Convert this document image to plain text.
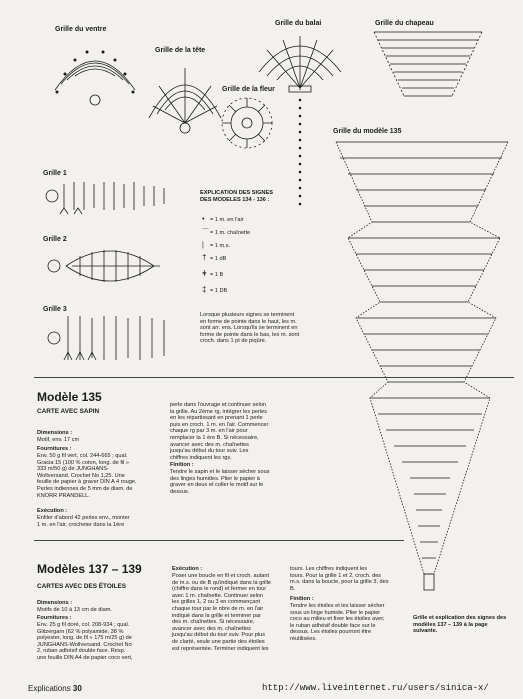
Grille du ventre
Grille de la tête
Grille du balai
Grille de la fleur
Grille 1
Grille 2
Grille 3
EXPLICATION DES SIGNES
DES MODELES 134 - 136 :
• = 1 m. en l'air
⌒= 1 m. chaînette
| = 1 m.s.
† = 1 dB
ǂ = 1 B
‡ = 1 DB
Lorsque plusieurs signes se terminent
en forme de pointe dans le haut, les m.
sont arr. ens. Lorsqu'ils se terminent en
forme de pointe dans le bas, les m. sont
croch. dans 1 pt de piqûre.
Grille du chapeau
Grille du modèle 135
Modèle 135
CARTE AVEC SAPIN
Dimensions :
Motif, env. 17 cm
Fournitures :
Env. 50 g fil vert, col. 244-665 ; qual.
Gracia 15 (100 % coton, long. de fil »
333 m/50 g) de JUNGHANS-
Wollversand. Crochet No 1,25. Une
feuille de papier à graver DIN A 4 rouge.
Perles indiennes de 5 mm de diam. de
KNORR PRANDELL.
Exécution :
Enfiler d'abord 42 perles env., monter
1 m. en l'air, crocheter dans la 1ère
perle dans l'ouvrage et continuer selon
la grille. Au 2ème rg, intégrer les perles
en les répartissant en prenant 1 perle
puis en croch. 1 m. en l'air. Commencer
chaque rg par 3 m. en l'air pour
remplacer la 1 ère B. Si nécessaire,
avancer avec des m. chaînettes
jusqu'au début du tour suiv. Les
chiffres indiquent les rgs.
Finition :
Tendre le sapin et le laisser sécher sous
des linges humides. Plier le papier à
graver en deux et coller le motif sur le
dessus.
Modèles 137 – 139
CARTES AVEC DES ÉTOILES
Dimensions :
Motifs de 10 à 13 cm de diam.
Fournitures :
Env. 25 g fil doré, col. 208-934 ; qual.
Glitzergarn (62 % polyamide, 38 %
polyester, long. de fil » 175 m/25 g) de
JUNGHANS-Wollversand. Crochet No
2, ruban adhésif double face. Resp.
une feuille DIN A4 de papier coco vert,
Exécution :
Poser une boucle en fil et croch. autant
de m.s. ou de B qu'indiqué dans la grille
(chiffre dans le rond) et fermer en tour
avec 1 m. chaînette. Continuer selon
les grilles 1, 2 ou 3 en commençant
chaque tour par le nbre de m. en l'air
indiqué dans la grille et terminer par
des m. chaînettes. Si nécessaire,
avancer avec des m. chaînettes
jusqu'au début du tour suiv. Pour plus
de clarté, seule une partie des étoiles
est représentée. Terminer indiquent les
tours. Les chiffres indiquent les
tours. Pour la grille 1 et 2, croch. des
m.s. dans la boucle, pour la grille 3, des
B.
Finition :
Tendre les étoiles et les laisser sécher
sous un linge humide. Plier le papier
coco au milieu et fixer les étoiles avec
le ruban adhésif double face sur le
dessus. Les étoiles pourront être
réutilisées.
Grille et explication des signes des
modèles 137 – 139 à la page
suivante.
Explications 30	http://www.liveinternet.ru/users/sinica-x/
